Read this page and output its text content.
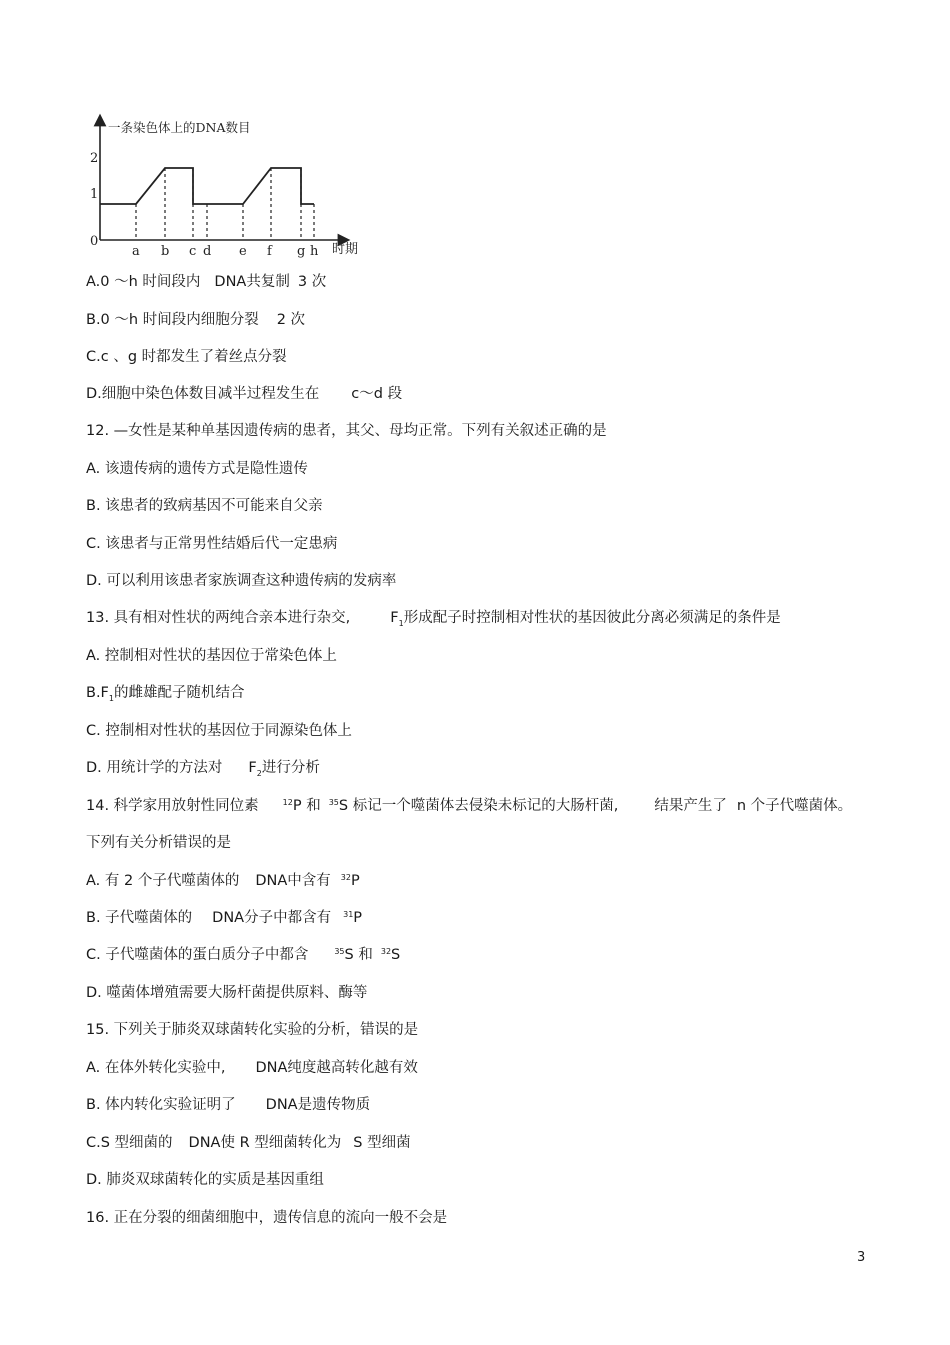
一条染色体上的DNA数目
时期
0
1
2
a b c d e f g h
A.0 ～h 时间段内 DNA共复制 3 次
B.0 ～h 时间段内细胞分裂 2 次
C.c 、g 时都发生了着丝点分裂
D.细胞中染色体数目减半过程发生在 c～d 段
12. —女性是某种单基因遗传病的患者，其父、母均正常。下列有关叙述正确的是
A. 该遗传病的遗传方式是隐性遗传
B. 该患者的致病基因不可能来自父亲
C. 该患者与正常男性结婚后代一定患病
D. 可以利用该患者家族调查这种遗传病的发病率
13. 具有相对性状的两纯合亲本进行杂交,	$F_1$形成配子时控制相对性状的基因彼此分离必须满足的条件是
A. 控制相对性状的基因位于常染色体上
$B.F_1$的雌雄配子随机结合
C. 控制相对性状的基因位于同源染色体上
D. 用统计学的方法对 $F_2$进行分析
14. 科学家用放射性同位素	$^{12}$P 和 $^{35}$S 标记一个噬菌体去侵染未标记的大肠杆菌, 结果产生了 n 个子代噬菌体。
下列有关分析错误的是
A. 有 2 个子代噬菌体的 DNA中含有 $^{32}$P
B. 子代噬菌体的 DNA分子中都含有 $^{31}$P
C. 子代噬菌体的蛋白质分子中都含	$^{35}$S 和 $^{32}$S
D. 噬菌体增殖需要大肠杆菌提供原料、酶等
15. 下列关于肺炎双球菌转化实验的分析，错误的是
A. 在体外转化实验中, DNA纯度越高转化越有效
B. 体内转化实验证明了 DNA是遗传物质
C.S 型细菌的 DNA使 R 型细菌转化为 S 型细菌
D. 肺炎双球菌转化的实质是基因重组
16. 正在分裂的细菌细胞中，遗传信息的流向一般不会是
3
